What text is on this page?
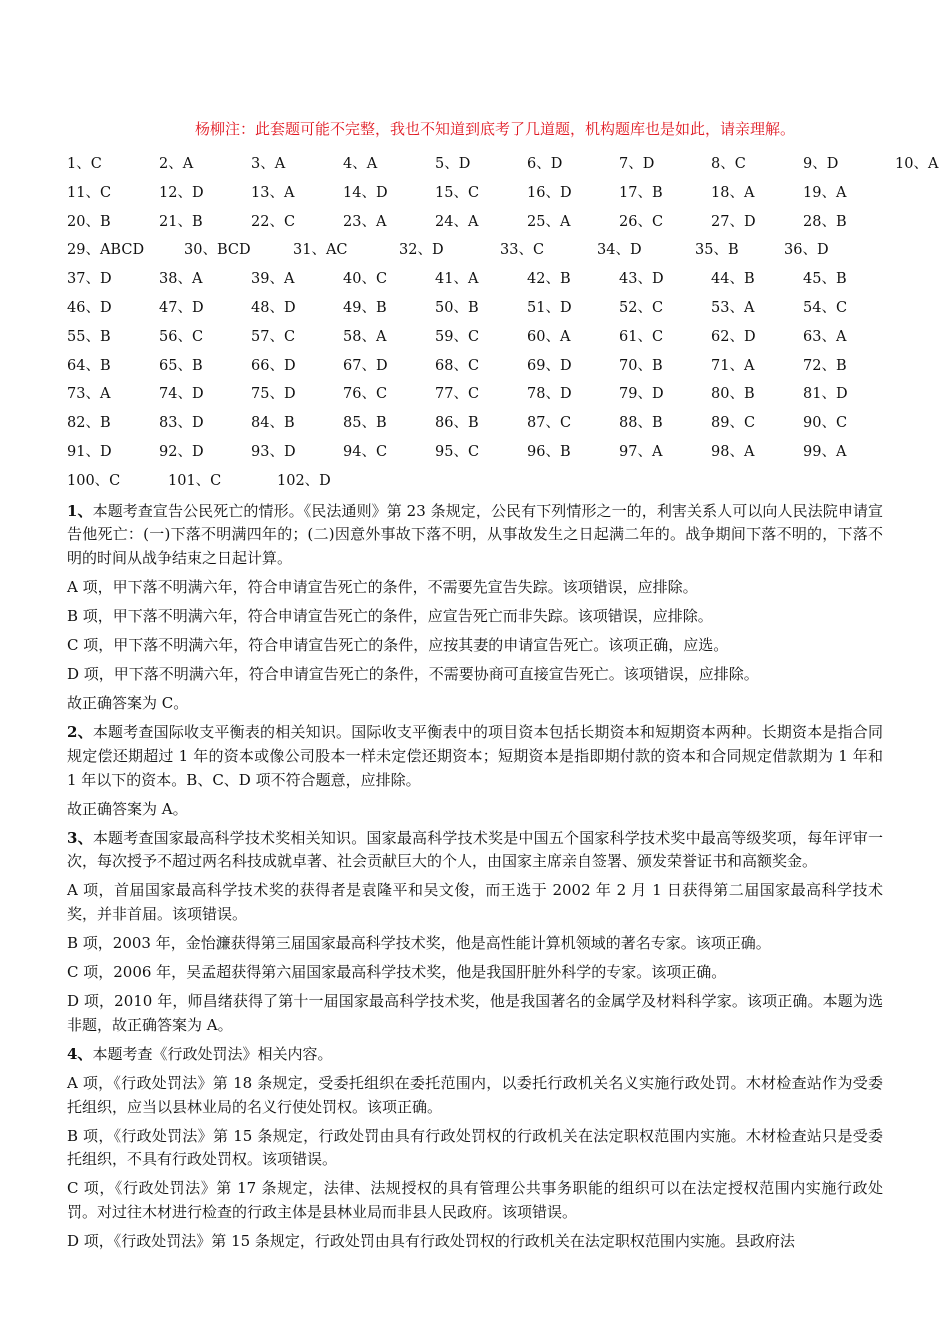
杨柳注：此套题可能不完整，我也不知道到底考了几道题，机构题库也是如此，请亲理解。
1、C	2、A	3、A	4、A	5、D	6、D	7、D	8、C	9、D	10、A
11、C	12、D	13、A	14、D	15、C	16、D	17、B	18、A	19、A
20、B	21、B	22、C	23、A	24、A	25、A	26、C	27、D	28、B
29、ABCD	30、BCD	31、AC	32、D	33、C	34、D	35、B	36、D
37、D	38、A	39、A	40、C	41、A	42、B	43、D	44、B	45、B
46、D	47、D	48、D	49、B	50、B	51、D	52、C	53、A	54、C
55、B	56、C	57、C	58、A	59、C	60、A	61、C	62、D	63、A
64、B	65、B	66、D	67、D	68、C	69、D	70、B	71、A	72、B
73、A	74、D	75、D	76、C	77、C	78、D	79、D	80、B	81、D
82、B	83、D	84、B	85、B	86、B	87、C	88、B	89、C	90、C
91、D	92、D	93、D	94、C	95、C	96、B	97、A	98、A	99、A
100、C	101、C	102、D

1、本题考查宣告公民死亡的情形。《民法通则》第 23 条规定，公民有下列情形之一的，利害关系人可以向人民法院申请宣告他死亡：(一)下落不明满四年的；(二)因意外事故下落不明，从事故发生之日起满二年的。战争期间下落不明的，下落不明的时间从战争结束之日起计算。

A 项，甲下落不明满六年，符合申请宣告死亡的条件，不需要先宣告失踪。该项错误，应排除。

B 项，甲下落不明满六年，符合申请宣告死亡的条件，应宣告死亡而非失踪。该项错误，应排除。

C 项，甲下落不明满六年，符合申请宣告死亡的条件，应按其妻的申请宣告死亡。该项正确，应选。

D 项，甲下落不明满六年，符合申请宣告死亡的条件，不需要协商可直接宣告死亡。该项错误，应排除。

故正确答案为 C。

2、本题考查国际收支平衡表的相关知识。国际收支平衡表中的项目资本包括长期资本和短期资本两种。长期资本是指合同规定偿还期超过 1 年的资本或像公司股本一样未定偿还期资本；短期资本是指即期付款的资本和合同规定借款期为 1 年和 1 年以下的资本。B、C、D 项不符合题意，应排除。

故正确答案为 A。

3、本题考查国家最高科学技术奖相关知识。国家最高科学技术奖是中国五个国家科学技术奖中最高等级奖项，每年评审一次，每次授予不超过两名科技成就卓著、社会贡献巨大的个人，由国家主席亲自签署、颁发荣誉证书和高额奖金。

A 项，首届国家最高科学技术奖的获得者是袁隆平和吴文俊，而王选于 2002 年 2 月 1 日获得第二届国家最高科学技术奖，并非首届。该项错误。

B 项，2003 年，金怡濂获得第三届国家最高科学技术奖，他是高性能计算机领域的著名专家。该项正确。

C 项，2006 年，吴孟超获得第六届国家最高科学技术奖，他是我国肝脏外科学的专家。该项正确。

D 项，2010 年，师昌绪获得了第十一届国家最高科学技术奖，他是我国著名的金属学及材料科学家。该项正确。本题为选非题，故正确答案为 A。

4、本题考查《行政处罚法》相关内容。

A 项，《行政处罚法》第 18 条规定，受委托组织在委托范围内，以委托行政机关名义实施行政处罚。木材检查站作为受委托组织，应当以县林业局的名义行使处罚权。该项正确。

B 项，《行政处罚法》第 15 条规定，行政处罚由具有行政处罚权的行政机关在法定职权范围内实施。木材检查站只是受委托组织，不具有行政处罚权。该项错误。

C 项，《行政处罚法》第 17 条规定，法律、法规授权的具有管理公共事务职能的组织可以在法定授权范围内实施行政处罚。对过往木材进行检查的行政主体是县林业局而非县人民政府。该项错误。

D 项，《行政处罚法》第 15 条规定，行政处罚由具有行政处罚权的行政机关在法定职权范围内实施。县政府法
